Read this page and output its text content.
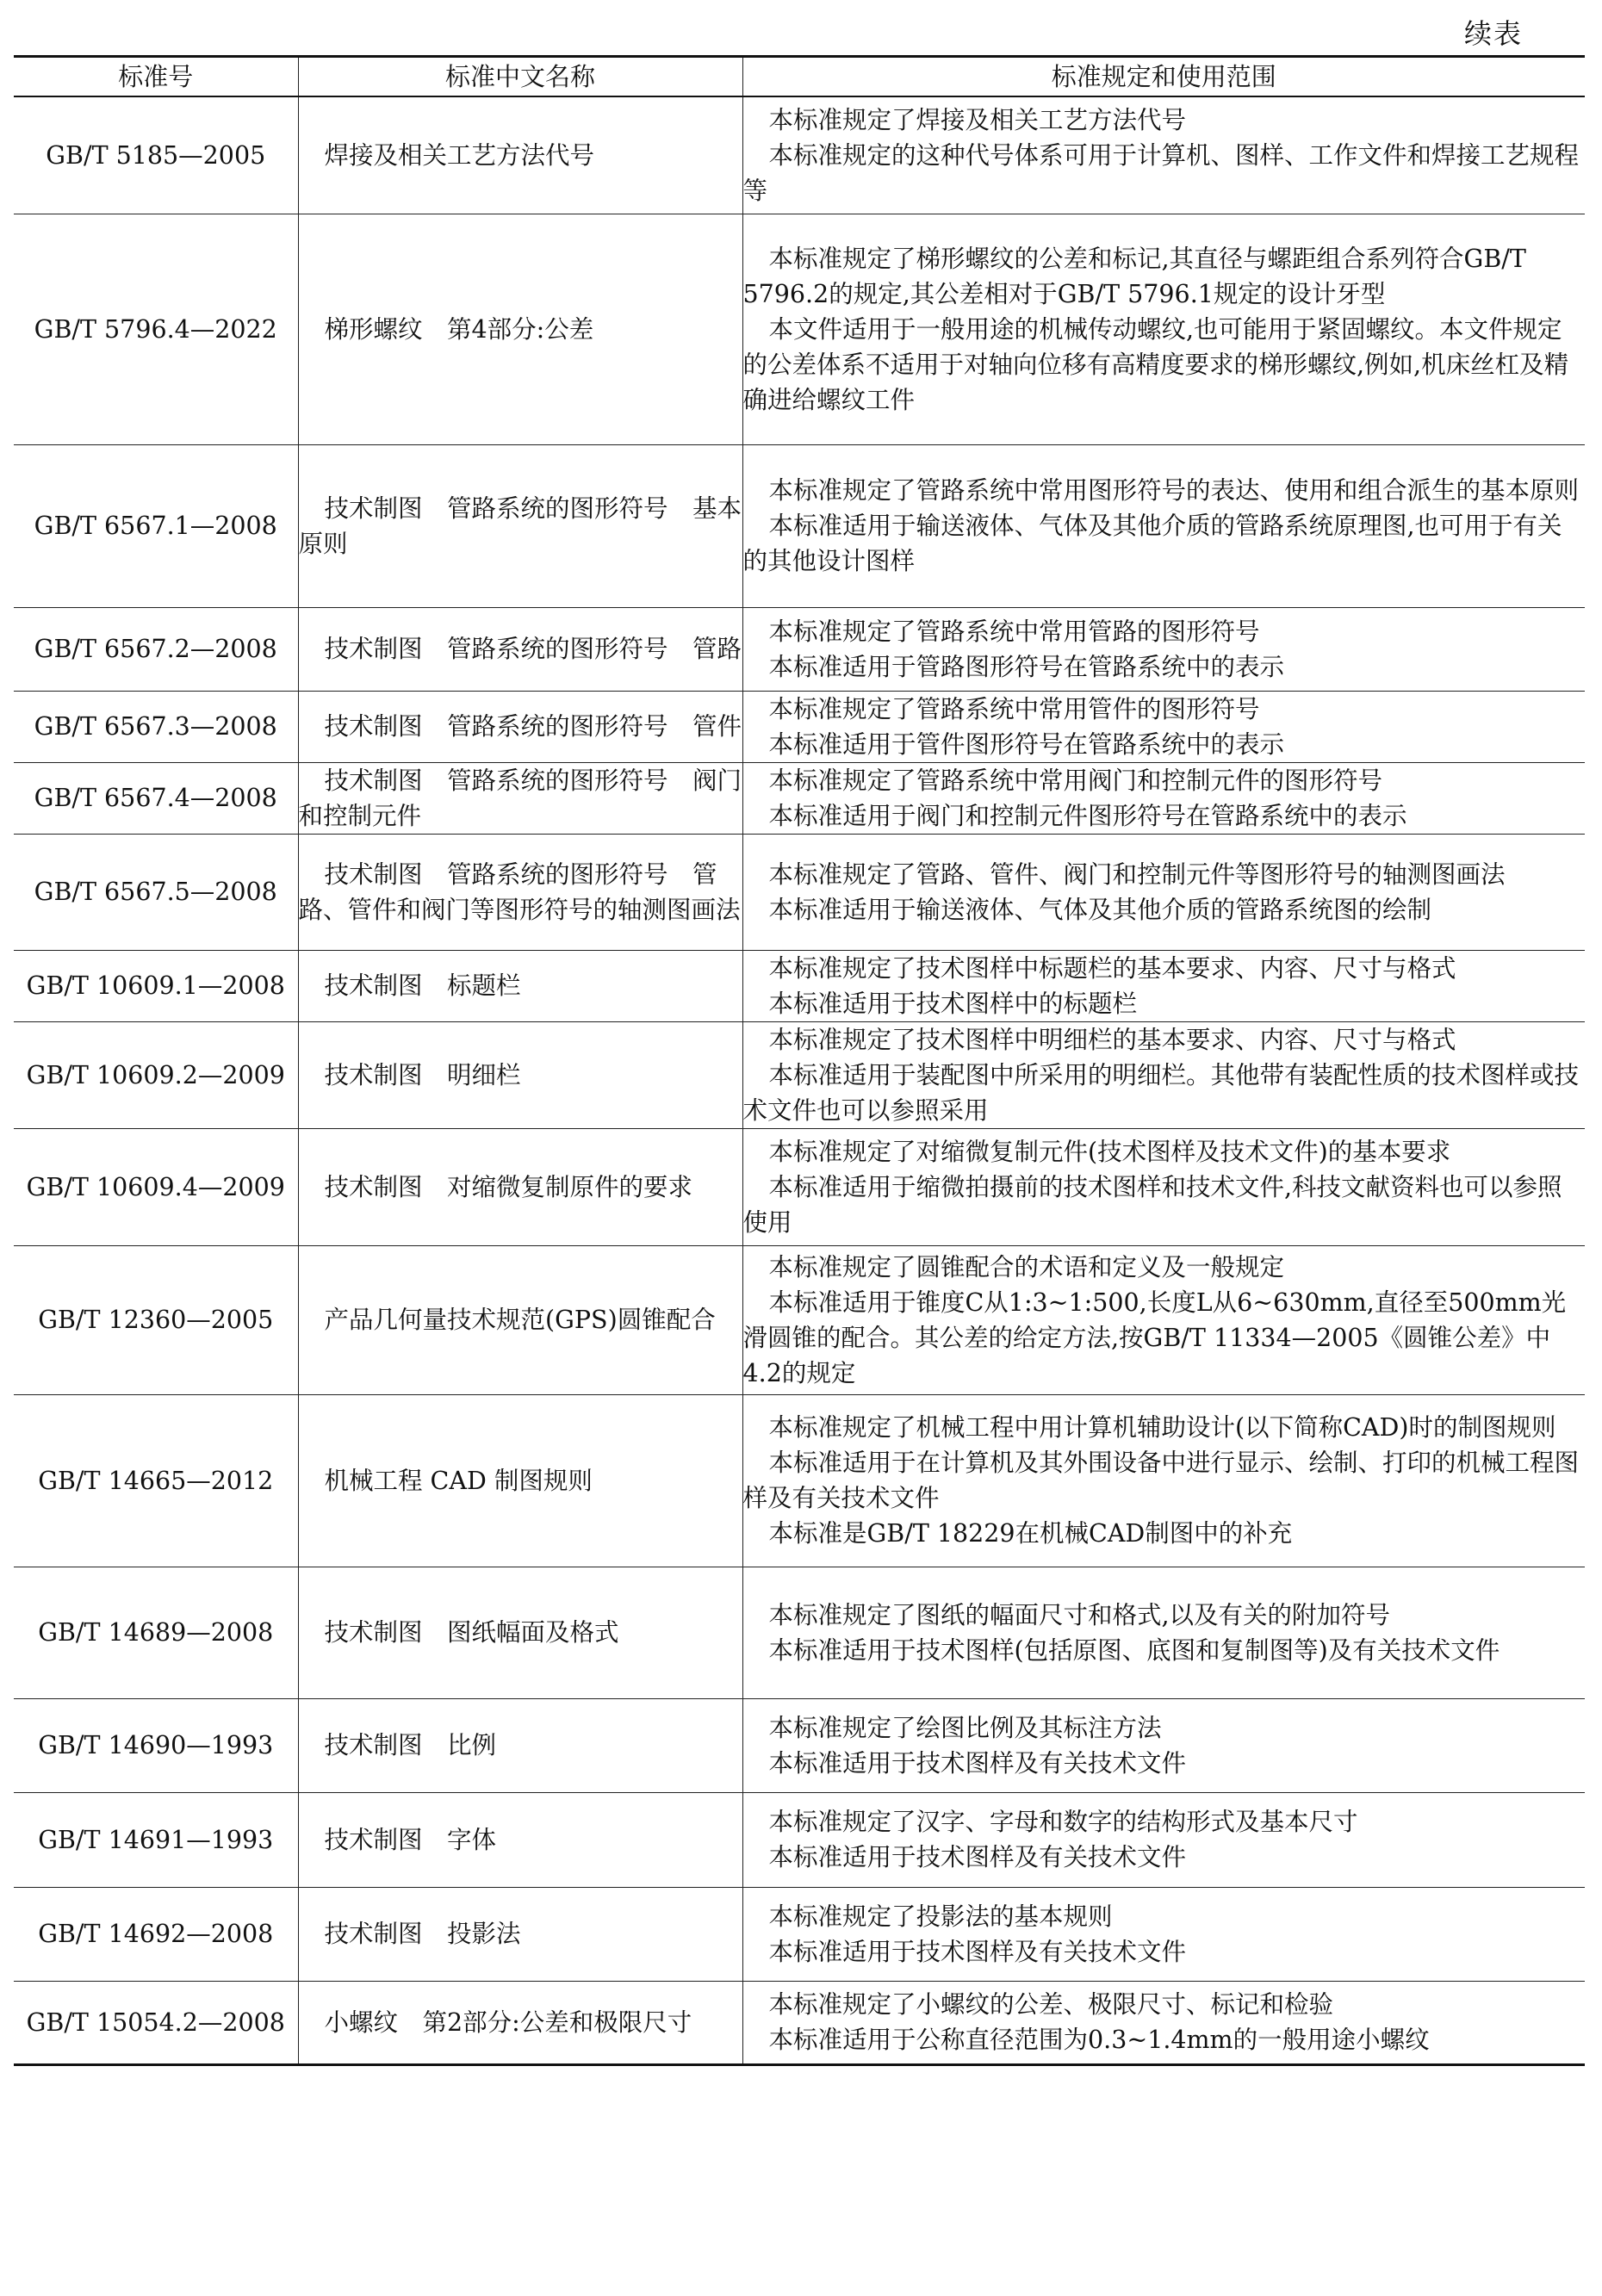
续表
标准号	标准中文名称	标准规定和使用范围
GB/T 5185—2005	焊接及相关工艺方法代号	本标准规定了焊接及相关工艺方法代号

本标准规定的这种代号体系可用于计算机、图样、工作文件和焊接工艺规程等

GB/T 5796.4—2022	梯形螺纹　第4部分:公差	本标准规定了梯形螺纹的公差和标记,其直径与螺距组合系列符合GB/T 5796.2的规定,其公差相对于GB/T 5796.1规定的设计牙型

本文件适用于一般用途的机械传动螺纹,也可能用于紧固螺纹。本文件规定的公差体系不适用于对轴向位移有高精度要求的梯形螺纹,例如,机床丝杠及精确进给螺纹工件

GB/T 6567.1—2008	技术制图　管路系统的图形符号　基本原则	本标准规定了管路系统中常用图形符号的表达、使用和组合派生的基本原则

本标准适用于输送液体、气体及其他介质的管路系统原理图,也可用于有关的其他设计图样

GB/T 6567.2—2008	技术制图　管路系统的图形符号　管路	本标准规定了管路系统中常用管路的图形符号

本标准适用于管路图形符号在管路系统中的表示

GB/T 6567.3—2008	技术制图　管路系统的图形符号　管件	本标准规定了管路系统中常用管件的图形符号

本标准适用于管件图形符号在管路系统中的表示

GB/T 6567.4—2008	技术制图　管路系统的图形符号　阀门和控制元件	本标准规定了管路系统中常用阀门和控制元件的图形符号

本标准适用于阀门和控制元件图形符号在管路系统中的表示

GB/T 6567.5—2008	技术制图　管路系统的图形符号　管路、管件和阀门等图形符号的轴测图画法	本标准规定了管路、管件、阀门和控制元件等图形符号的轴测图画法

本标准适用于输送液体、气体及其他介质的管路系统图的绘制

GB/T 10609.1—2008	技术制图　标题栏	本标准规定了技术图样中标题栏的基本要求、内容、尺寸与格式

本标准适用于技术图样中的标题栏

GB/T 10609.2—2009	技术制图　明细栏	本标准规定了技术图样中明细栏的基本要求、内容、尺寸与格式

本标准适用于装配图中所采用的明细栏。其他带有装配性质的技术图样或技术文件也可以参照采用

GB/T 10609.4—2009	技术制图　对缩微复制原件的要求	本标准规定了对缩微复制元件(技术图样及技术文件)的基本要求

本标准适用于缩微拍摄前的技术图样和技术文件,科技文献资料也可以参照使用

GB/T 12360—2005	产品几何量技术规范(GPS)圆锥配合	本标准规定了圆锥配合的术语和定义及一般规定

本标准适用于锥度C从1:3~1:500,长度L从6~630mm,直径至500mm光滑圆锥的配合。其公差的给定方法,按GB/T 11334—2005《圆锥公差》中4.2的规定

GB/T 14665—2012	机械工程 CAD 制图规则	本标准规定了机械工程中用计算机辅助设计(以下简称CAD)时的制图规则

本标准适用于在计算机及其外围设备中进行显示、绘制、打印的机械工程图样及有关技术文件

本标准是GB/T 18229在机械CAD制图中的补充

GB/T 14689—2008	技术制图　图纸幅面及格式	本标准规定了图纸的幅面尺寸和格式,以及有关的附加符号

本标准适用于技术图样(包括原图、底图和复制图等)及有关技术文件

GB/T 14690—1993	技术制图　比例	本标准规定了绘图比例及其标注方法

本标准适用于技术图样及有关技术文件

GB/T 14691—1993	技术制图　字体	本标准规定了汉字、字母和数字的结构形式及基本尺寸

本标准适用于技术图样及有关技术文件

GB/T 14692—2008	技术制图　投影法	本标准规定了投影法的基本规则

本标准适用于技术图样及有关技术文件

GB/T 15054.2—2008	小螺纹　第2部分:公差和极限尺寸	本标准规定了小螺纹的公差、极限尺寸、标记和检验

本标准适用于公称直径范围为0.3~1.4mm的一般用途小螺纹
